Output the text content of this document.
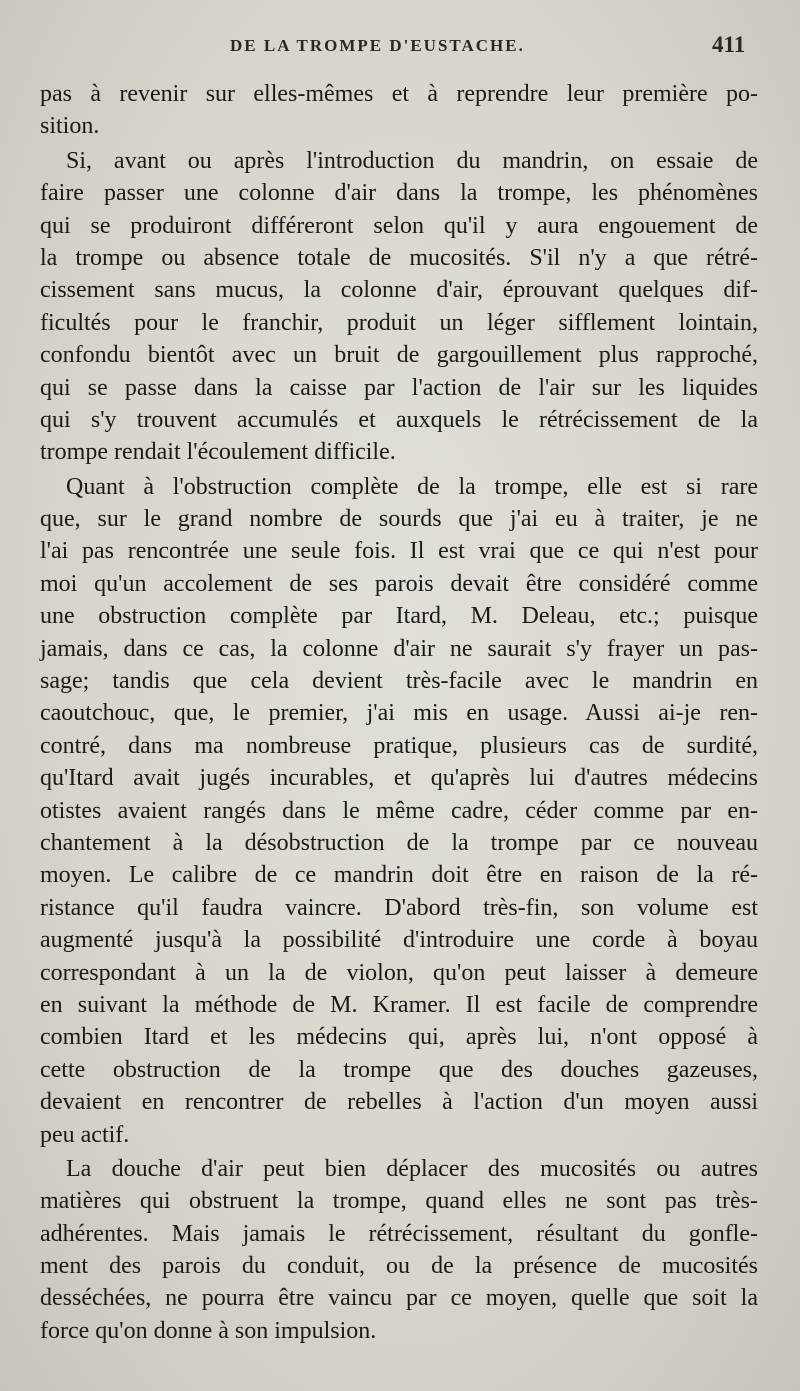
DE LA TROMPE D'EUSTACHE.	411
pas à revenir sur elles-mêmes et à reprendre leur première po-
sition.
Si, avant ou après l'introduction du mandrin, on essaie de
faire passer une colonne d'air dans la trompe, les phénomènes
qui se produiront différeront selon qu'il y aura engouement de
la trompe ou absence totale de mucosités. S'il n'y a que rétré-
cissement sans mucus, la colonne d'air, éprouvant quelques dif-
ficultés pour le franchir, produit un léger sifflement lointain,
confondu bientôt avec un bruit de gargouillement plus rapproché,
qui se passe dans la caisse par l'action de l'air sur les liquides
qui s'y trouvent accumulés et auxquels le rétrécissement de la
trompe rendait l'écoulement difficile.
Quant à l'obstruction complète de la trompe, elle est si rare
que, sur le grand nombre de sourds que j'ai eu à traiter, je ne
l'ai pas rencontrée une seule fois. Il est vrai que ce qui n'est pour
moi qu'un accolement de ses parois devait être considéré comme
une obstruction complète par Itard, M. Deleau, etc.; puisque
jamais, dans ce cas, la colonne d'air ne saurait s'y frayer un pas-
sage; tandis que cela devient très-facile avec le mandrin en
caoutchouc, que, le premier, j'ai mis en usage. Aussi ai-je ren-
contré, dans ma nombreuse pratique, plusieurs cas de surdité,
qu'Itard avait jugés incurables, et qu'après lui d'autres médecins
otistes avaient rangés dans le même cadre, céder comme par en-
chantement à la désobstruction de la trompe par ce nouveau
moyen. Le calibre de ce mandrin doit être en raison de la ré-
ristance qu'il faudra vaincre. D'abord très-fin, son volume est
augmenté jusqu'à la possibilité d'introduire une corde à boyau
correspondant à un la de violon, qu'on peut laisser à demeure
en suivant la méthode de M. Kramer. Il est facile de comprendre
combien Itard et les médecins qui, après lui, n'ont opposé à
cette obstruction de la trompe que des douches gazeuses,
devaient en rencontrer de rebelles à l'action d'un moyen aussi
peu actif.
La douche d'air peut bien déplacer des mucosités ou autres
matières qui obstruent la trompe, quand elles ne sont pas très-
adhérentes. Mais jamais le rétrécissement, résultant du gonfle-
ment des parois du conduit, ou de la présence de mucosités
desséchées, ne pourra être vaincu par ce moyen, quelle que soit la
force qu'on donne à son impulsion.
